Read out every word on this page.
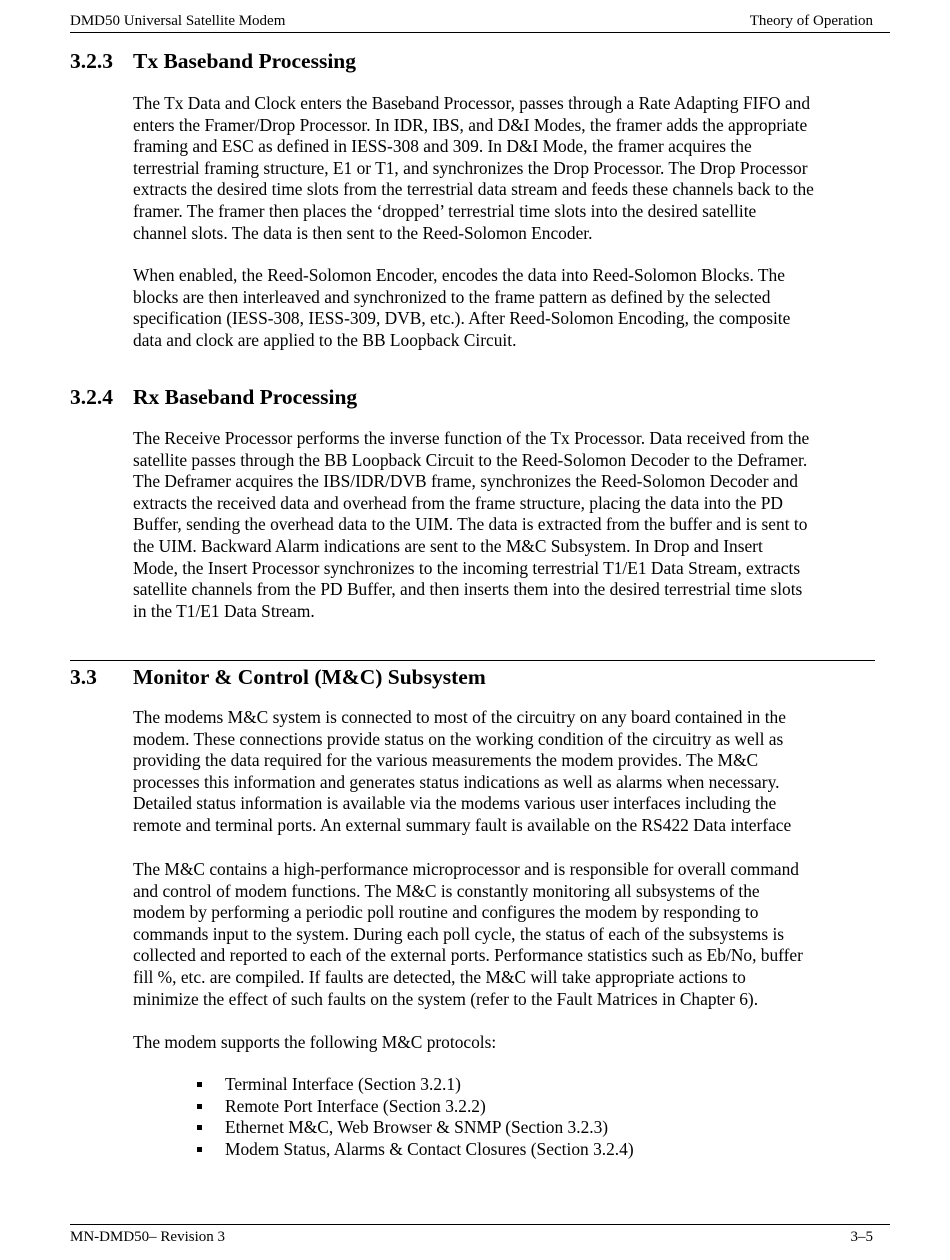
DMD50 Universal Satellite Modem	Theory of Operation
3.2.3 Tx Baseband Processing

The Tx Data and Clock enters the Baseband Processor, passes through a Rate Adapting FIFO and
enters the Framer/Drop Processor. In IDR, IBS, and D&I Modes, the framer adds the appropriate
framing and ESC as defined in IESS-308 and 309. In D&I Mode, the framer acquires the
terrestrial framing structure, E1 or T1, and synchronizes the Drop Processor. The Drop Processor
extracts the desired time slots from the terrestrial data stream and feeds these channels back to the
framer. The framer then places the ‘dropped’ terrestrial time slots into the desired satellite
channel slots. The data is then sent to the Reed-Solomon Encoder.

When enabled, the Reed-Solomon Encoder, encodes the data into Reed-Solomon Blocks. The
blocks are then interleaved and synchronized to the frame pattern as defined by the selected
specification (IESS-308, IESS-309, DVB, etc.). After Reed-Solomon Encoding, the composite
data and clock are applied to the BB Loopback Circuit.

3.2.4 Rx Baseband Processing

The Receive Processor performs the inverse function of the Tx Processor. Data received from the
satellite passes through the BB Loopback Circuit to the Reed-Solomon Decoder to the Deframer.
The Deframer acquires the IBS/IDR/DVB frame, synchronizes the Reed-Solomon Decoder and
extracts the received data and overhead from the frame structure, placing the data into the PD
Buffer, sending the overhead data to the UIM. The data is extracted from the buffer and is sent to
the UIM. Backward Alarm indications are sent to the M&C Subsystem. In Drop and Insert
Mode, the Insert Processor synchronizes to the incoming terrestrial T1/E1 Data Stream, extracts
satellite channels from the PD Buffer, and then inserts them into the desired terrestrial time slots
in the T1/E1 Data Stream.

3.3 Monitor & Control (M&C) Subsystem

The modems M&C system is connected to most of the circuitry on any board contained in the
modem. These connections provide status on the working condition of the circuitry as well as
providing the data required for the various measurements the modem provides. The M&C
processes this information and generates status indications as well as alarms when necessary.
Detailed status information is available via the modems various user interfaces including the
remote and terminal ports. An external summary fault is available on the RS422 Data interface

The M&C contains a high-performance microprocessor and is responsible for overall command
and control of modem functions. The M&C is constantly monitoring all subsystems of the
modem by performing a periodic poll routine and configures the modem by responding to
commands input to the system. During each poll cycle, the status of each of the subsystems is
collected and reported to each of the external ports. Performance statistics such as Eb/No, buffer
fill %, etc. are compiled. If faults are detected, the M&C will take appropriate actions to
minimize the effect of such faults on the system (refer to the Fault Matrices in Chapter 6).

The modem supports the following M&C protocols:

Terminal Interface (Section 3.2.1)
Remote Port Interface (Section 3.2.2)
Ethernet M&C, Web Browser & SNMP (Section 3.2.3)
Modem Status, Alarms & Contact Closures (Section 3.2.4)
MN-DMD50– Revision 3	3–5
